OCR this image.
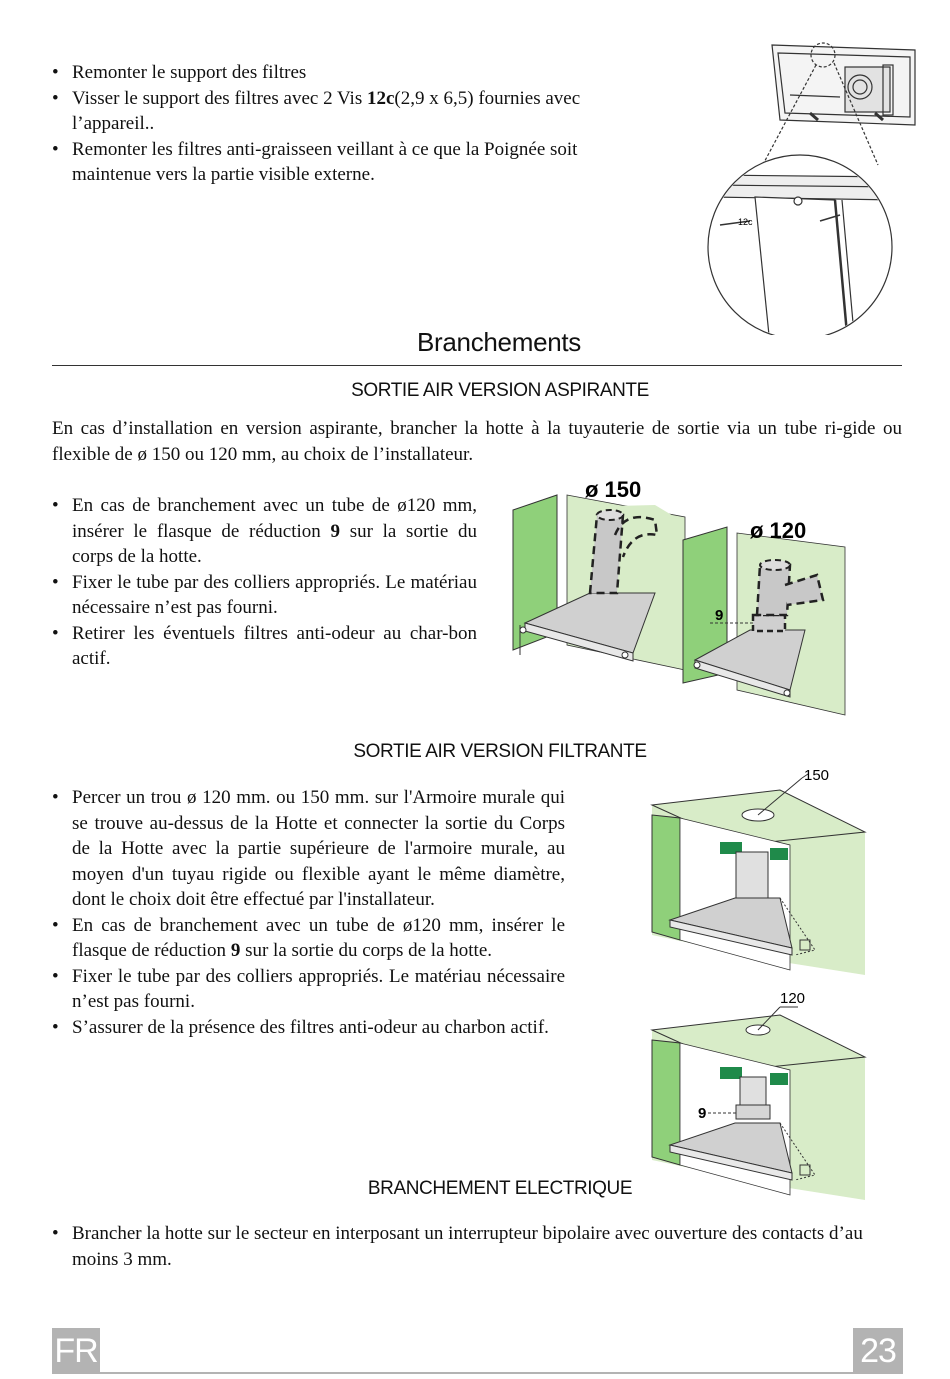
• Remonter le support des filtres
• Visser le support des filtres avec 2 Vis 12c(2,9 x 6,5) fournies avec l’appareil..
• Remonter les filtres anti-graisseen veillant à ce que la Poignée soit maintenue vers la partie visible externe.
12c
Branchements
SORTIE AIR VERSION ASPIRANTE
En cas d’installation en version aspirante, brancher la hotte à la tuyauterie de sortie via un tube ri-gide ou flexible de ø 150 ou 120 mm, au choix de l’installateur.
• En cas de branchement avec un tube de ø120 mm, insérer le flasque de réduction 9 sur la sortie du corps de la hotte.
• Fixer le tube par des colliers appropriés. Le matériau nécessaire n’est pas fourni.
• Retirer les éventuels filtres anti-odeur au char-bon actif.
ø 150
ø 120
9
SORTIE AIR VERSION FILTRANTE
• Percer un trou ø 120 mm. ou 150 mm. sur l'Armoire murale qui se trouve au-dessus de la Hotte et connecter la sortie du Corps de la Hotte avec la partie supérieure de l'armoire murale, au moyen d'un tuyau rigide ou flexible ayant le même diamètre, dont le choix doit être effectué par l'installateur.
• En cas de branchement avec un tube de ø120 mm, insérer le flasque de réduction 9 sur la sortie du corps de la hotte.
• Fixer le tube par des colliers appropriés. Le matériau nécessaire n’est pas fourni.
• S’assurer de la présence des filtres anti-odeur au charbon actif.
150
120
9
BRANCHEMENT ELECTRIQUE
• Brancher la hotte sur le secteur en interposant un interrupteur bipolaire avec ouverture des contacts d’au moins 3 mm.
FR	23
